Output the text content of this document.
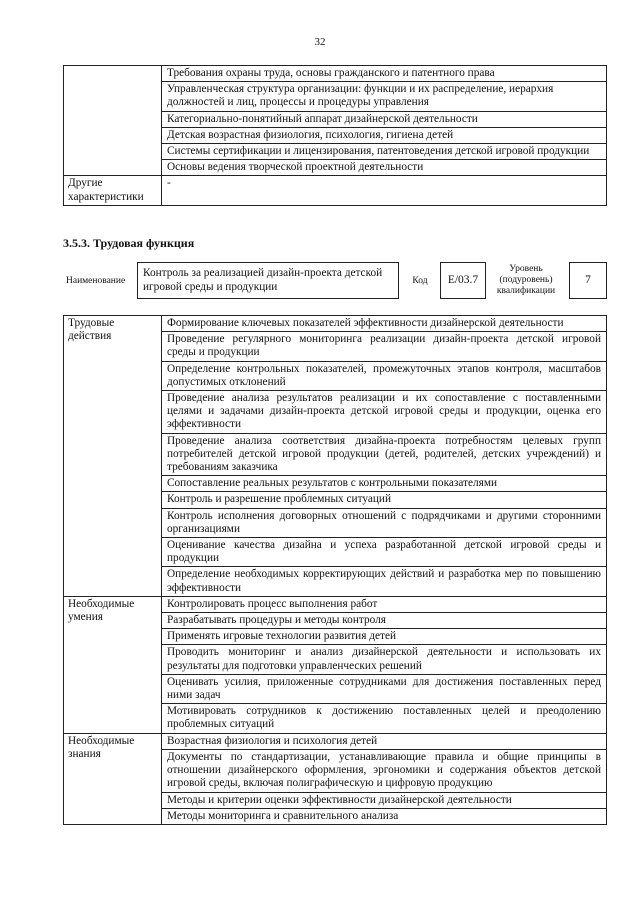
32
	Требования охраны труда, основы гражданского и патентного права
	Управленческая структура организации: функции и их распределение, иерархия должностей и лиц, процессы и процедуры управления
	Категориально-понятийный аппарат дизайнерской деятельности
	Детская возрастная физиология, психология, гигиена детей
	Системы сертификации и лицензирования, патентоведения детской игровой продукции
	Основы ведения творческой проектной деятельности
Другие характеристики	-
3.5.3. Трудовая функция
Наименование
Контроль за реализацией дизайн-проекта детской игровой среды и продукции	Код	E/03.7
Уровень (подуровень) квалификации
7
Трудовые действия	Формирование ключевых показателей эффективности дизайнерской деятельности
	Проведение регулярного мониторинга реализации дизайн-проекта детской игровой среды и продукции
	Определение контрольных показателей, промежуточных этапов контроля, масштабов допустимых отклонений
	Проведение анализа результатов реализации и их сопоставление с поставленными целями и задачами дизайн-проекта детской игровой среды и продукции, оценка его эффективности
	Проведение анализа соответствия дизайна-проекта потребностям целевых групп потребителей детской игровой продукции (детей, родителей, детских учреждений) и требованиям заказчика
	Сопоставление реальных результатов с контрольными показателями
	Контроль и разрешение проблемных ситуаций
	Контроль исполнения договорных отношений с подрядчиками и другими сторонними организациями
	Оценивание качества дизайна и успеха разработанной детской игровой среды и продукции
	Определение необходимых корректирующих действий и разработка мер по повышению эффективности
Необходимые умения	Контролировать процесс выполнения работ
	Разрабатывать процедуры и методы контроля
	Применять игровые технологии развития детей
	Проводить мониторинг и анализ дизайнерской деятельности и использовать их результаты для подготовки управленческих решений
	Оценивать усилия, приложенные сотрудниками для достижения поставленных перед ними задач
	Мотивировать сотрудников к достижению поставленных целей и преодолению проблемных ситуаций
Необходимые знания	Возрастная физиология и психология детей
	Документы по стандартизации, устанавливающие правила и общие принципы в отношении дизайнерского оформления, эргономики и содержания объектов детской игровой среды, включая полиграфическую и цифровую продукцию
	Методы и критерии оценки эффективности дизайнерской деятельности
	Методы мониторинга и сравнительного анализа
